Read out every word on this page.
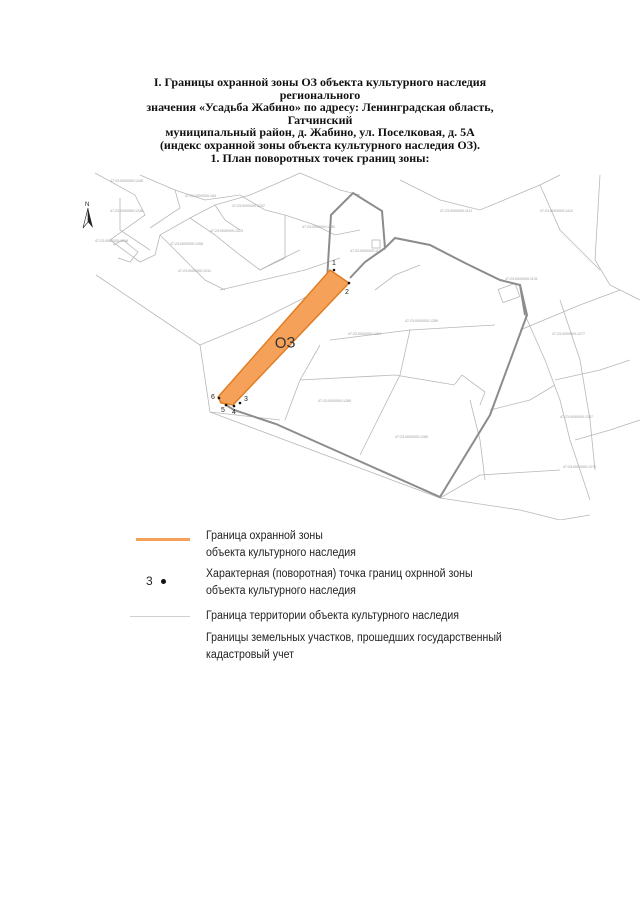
I. Границы охранной зоны ОЗ объекта культурного наследия
регионального
значения «Усадьба Жабино» по адресу: Ленинградская область,
Гатчинский
муниципальный район, д. Жабино, ул. Поселковая, д. 5А
(индекс охранной зоны объекта культурного наследия ОЗ).
1. План поворотных точек границ зоны:
ОЗ
1
2
3
4
5
6
47:23:0000000:1245
47:23:0000000:164
47:23:0000000:1247
47:23:0000000:1248
47:23:0000000:1280
47:23:0000000:1223
47:23:0000000:1248
47:23:0000000:1265
47:23:0000000:1241
47:23:0000000:1111	47:23:0000000:1412
47:23:0000000:1121
47:23:0000000:1131
47:23:0000000:1264
47:23:0000000:1289
47:23:0000000:1277
47:23:0000000:1285
47:23:0000000:1280
47:23:0000000:1287
47:23:0000000:1273
N
Граница охранной зоны
объекта культурного наследия
3	Характерная (поворотная) точка границ охрнной зоны
объекта культурного наследия
Граница территории объекта культурного наследия
Границы земельных участков, прошедших государственный
кадастровый учет
